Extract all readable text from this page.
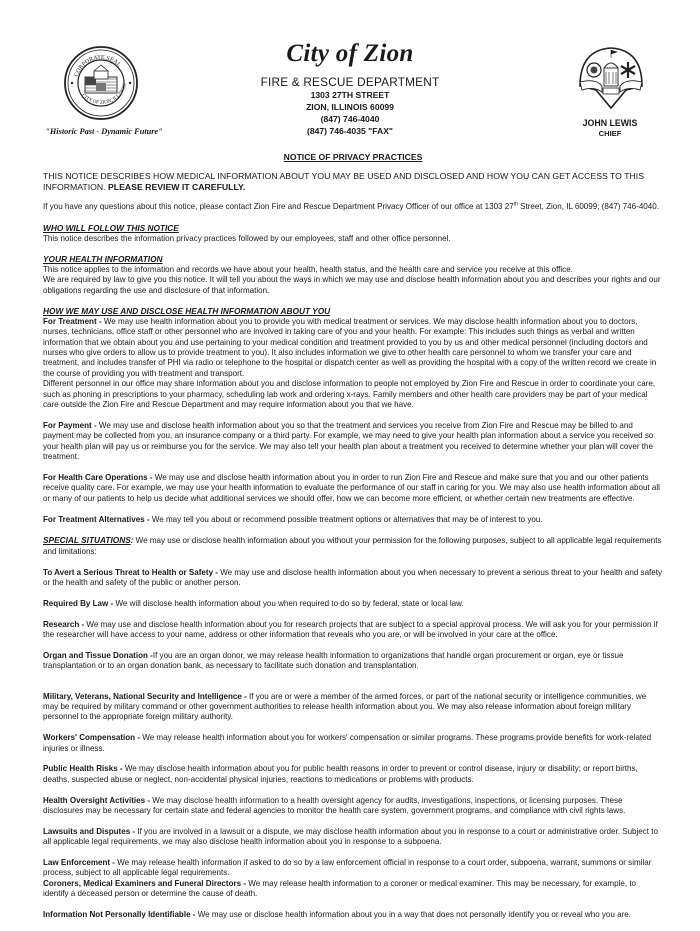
CORPORATE SEAL
CITY OF ZION, ILLINOIS
"Historic Past - Dynamic Future"
City of Zion
FIRE & RESCUE DEPARTMENT
1303 27TH STREET
ZION, ILLINOIS 60099
(847) 746-4040
(847) 746-4035 "FAX"
JOHN LEWIS
CHIEF
NOTICE OF PRIVACY PRACTICES

THIS NOTICE DESCRIBES HOW MEDICAL INFORMATION ABOUT YOU MAY BE USED AND DISCLOSED AND HOW YOU CAN GET ACCESS TO THIS INFORMATION. PLEASE REVIEW IT CAREFULLY.

If you have any questions about this notice, please contact Zion Fire and Rescue Department Privacy Officer of our office at 1303 27th Street, Zion, IL 60099; (847) 746-4040.

WHO WILL FOLLOW THIS NOTICE

This notice describes the information privacy practices followed by our employees, staff and other office personnel.

YOUR HEALTH INFORMATION

This notice applies to the information and records we have about your health, health status, and the health care and service you receive at this office.

We are required by law to give you this notice. It will tell you about the ways in which we may use and disclose health information about you and describes your rights and our obligations regarding the use and disclosure of that information.

HOW WE MAY USE AND DISCLOSE HEALTH INFORMATION ABOUT YOU

For Treatment - We may use health information about you to provide you with medical treatment or services. We may disclose health information about you to doctors, nurses, technicians, office staff or other personnel who are involved in taking care of you and your health. For example: This includes such things as verbal and written information that we obtain about you and use pertaining to your medical condition and treatment provided to you by us and other medical personnel (including doctors and nurses who give orders to allow us to provide treatment to you). It also includes information we give to other health care personnel to whom we transfer your care and treatment, and includes transfer of PHI via radio or telephone to the hospital or dispatch center as well as providing the hospital with a copy of the written record we create in the course of providing you with treatment and transport.

Different personnel in our office may share information about you and disclose information to people not employed by Zion Fire and Rescue in order to coordinate your care, such as phoning in prescriptions to your pharmacy, scheduling lab work and ordering x-rays. Family members and other health care providers may be part of your medical care outside the Zion Fire and Rescue Department and may require information about you that we have.

For Payment - We may use and disclose health information about you so that the treatment and services you receive from Zion Fire and Rescue may be billed to and payment may be collected from you, an insurance company or a third party. For example, we may need to give your health plan information about a service you received so your health plan will pay us or reimburse you for the service. We may also tell your health plan about a treatment you received to determine whether your plan will cover the treatment.

For Health Care Operations - We may use and disclose health information about you in order to run Zion Fire and Rescue and make sure that you and our other patients receive quality care. For example, we may use your health information to evaluate the performance of our staff in caring for you. We may also use health information about all or many of our patients to help us decide what additional services we should offer, how we can become more efficient, or whether certain new treatments are effective.

For Treatment Alternatives - We may tell you about or recommend possible treatment options or alternatives that may be of interest to you.

SPECIAL SITUATIONS: We may use or disclose health information about you without your permission for the following purposes, subject to all applicable legal requirements and limitations:

To Avert a Serious Threat to Health or Safety - We may use and disclose health information about you when necessary to prevent a serious threat to your health and safety or the health and safety of the public or another person.

Required By Law - We will disclose health information about you when required to do so by federal, state or local law.

Research - We may use and disclose health information about you for research projects that are subject to a special approval process. We will ask you for your permission if the researcher will have access to your name, address or other information that reveals who you are, or will be involved in your care at the office.

Organ and Tissue Donation -If you are an organ donor, we may release health information to organizations that handle organ procurement or organ, eye or tissue transplantation or to an organ donation bank, as necessary to facilitate such donation and transplantation.

Military, Veterans, National Security and Intelligence - If you are or were a member of the armed forces, or part of the national security or intelligence communities, we may be required by military command or other government authorities to release health information about you. We may also release information about foreign military personnel to the appropriate foreign military authority.

Workers' Compensation - We may release health information about you for workers' compensation or similar programs. These programs provide benefits for work-related injuries or illness.

Public Health Risks - We may disclose health information about you for public health reasons in order to prevent or control disease, injury or disability; or report births, deaths, suspected abuse or neglect, non-accidental physical injuries, reactions to medications or problems with products.

Health Oversight Activities - We may disclose health information to a health oversight agency for audits, investigations, inspections, or licensing purposes. These disclosures may be necessary for certain state and federal agencies to monitor the health care system, government programs, and compliance with civil rights laws.

Lawsuits and Disputes - If you are involved in a lawsuit or a dispute, we may disclose health information about you in response to a court or administrative order. Subject to all applicable legal requirements, we may also disclose health information about you in response to a subpoena.

Law Enforcement - We may release health information if asked to do so by a law enforcement official in response to a court order, subpoena, warrant, summons or similar process, subject to all applicable legal requirements.

Coroners, Medical Examiners and Funeral Directors - We may release health information to a coroner or medical examiner. This may be necessary, for example, to identify a deceased person or determine the cause of death.

Information Not Personally Identifiable - We may use or disclose health information about you in a way that does not personally identify you or reveal who you are.
